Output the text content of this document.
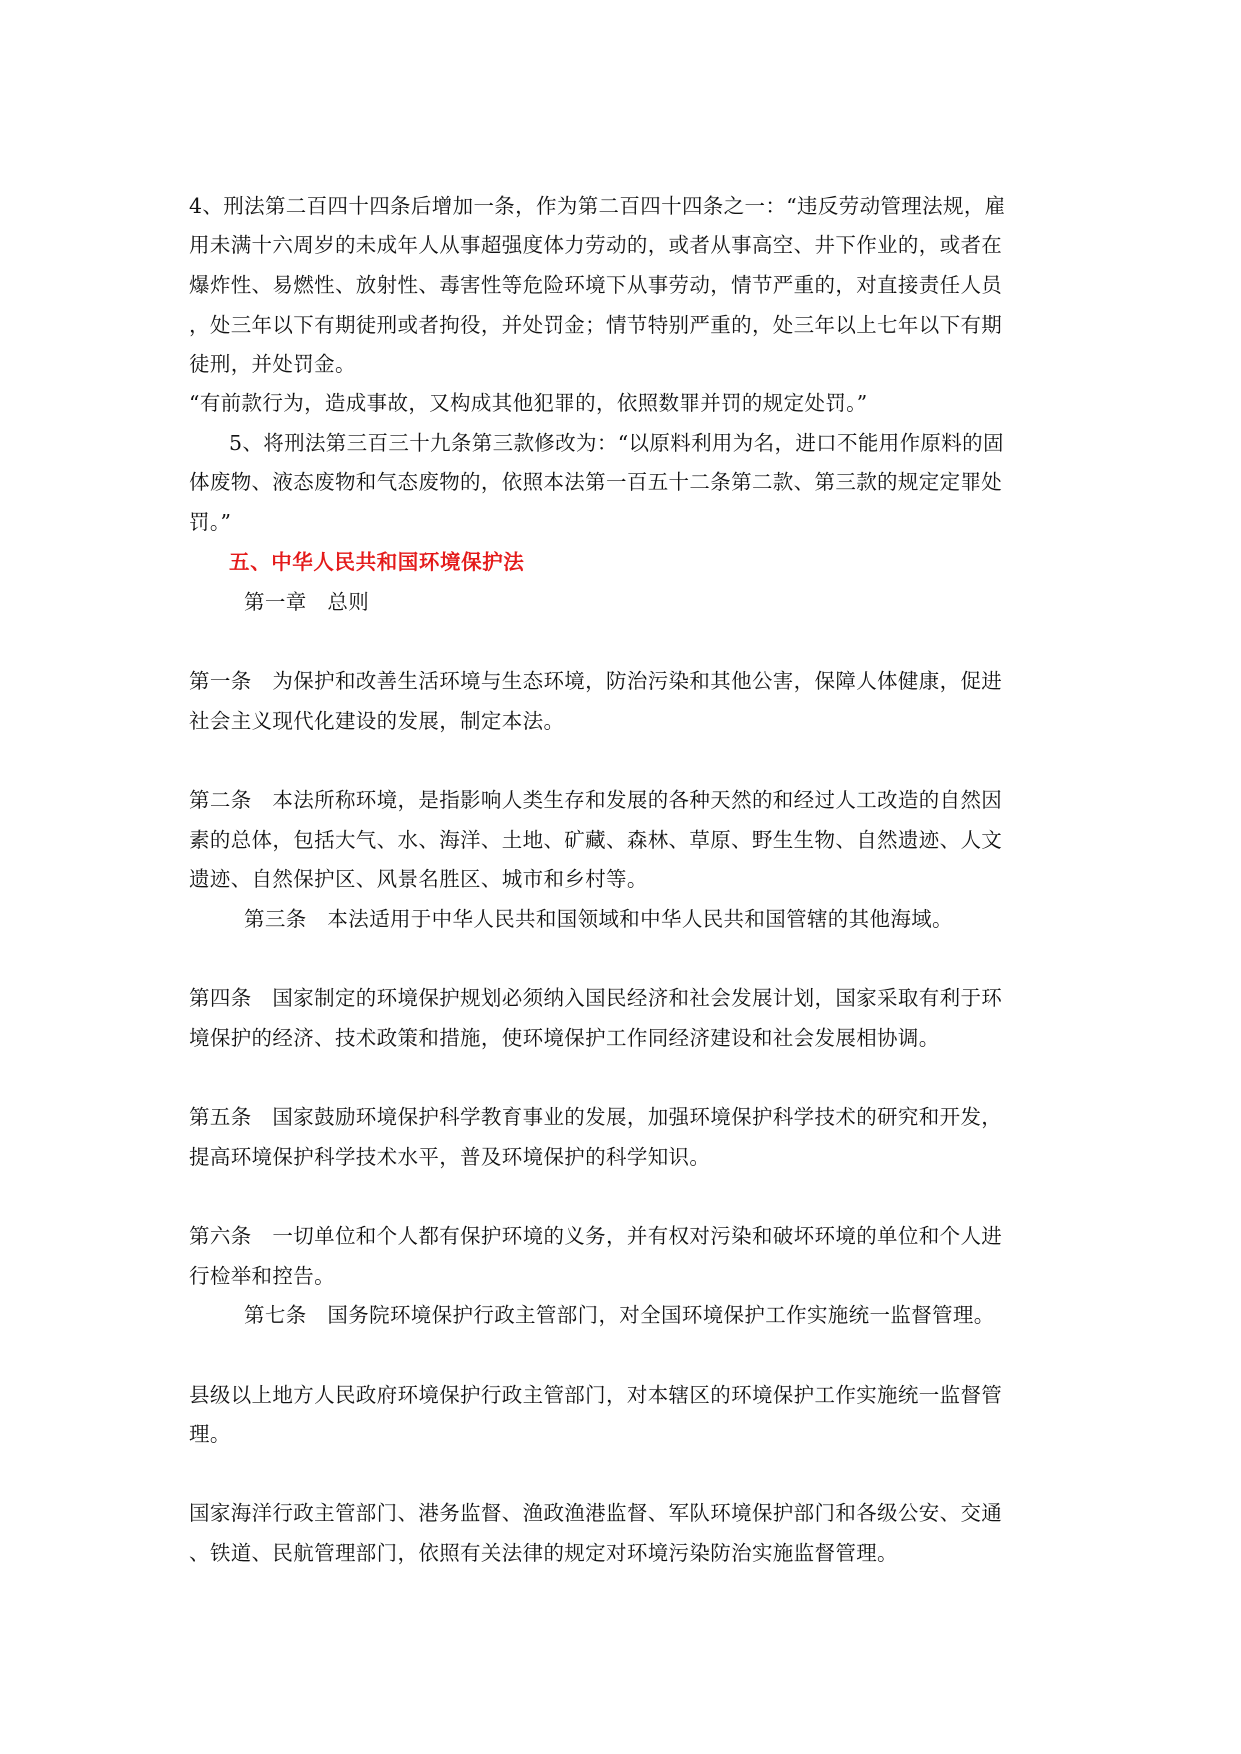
4、刑法第二百四十四条后增加一条，作为第二百四十四条之一：“违反劳动管理法规，雇
用未满十六周岁的未成年人从事超强度体力劳动的，或者从事高空、井下作业的，或者在
爆炸性、易燃性、放射性、毒害性等危险环境下从事劳动，情节严重的，对直接责任人员
，处三年以下有期徒刑或者拘役，并处罚金；情节特别严重的，处三年以上七年以下有期
徒刑，并处罚金。
“有前款行为，造成事故，又构成其他犯罪的，依照数罪并罚的规定处罚。”
5、将刑法第三百三十九条第三款修改为：“以原料利用为名，进口不能用作原料的固
体废物、液态废物和气态废物的，依照本法第一百五十二条第二款、第三款的规定定罪处
罚。”
五、中华人民共和国环境保护法
第一章　总则
第一条　为保护和改善生活环境与生态环境，防治污染和其他公害，保障人体健康，促进
社会主义现代化建设的发展，制定本法。
第二条　本法所称环境，是指影响人类生存和发展的各种天然的和经过人工改造的自然因
素的总体，包括大气、水、海洋、土地、矿藏、森林、草原、野生生物、自然遗迹、人文
遗迹、自然保护区、风景名胜区、城市和乡村等。
第三条　本法适用于中华人民共和国领域和中华人民共和国管辖的其他海域。
第四条　国家制定的环境保护规划必须纳入国民经济和社会发展计划，国家采取有利于环
境保护的经济、技术政策和措施，使环境保护工作同经济建设和社会发展相协调。
第五条　国家鼓励环境保护科学教育事业的发展，加强环境保护科学技术的研究和开发，
提高环境保护科学技术水平，普及环境保护的科学知识。
第六条　一切单位和个人都有保护环境的义务，并有权对污染和破坏环境的单位和个人进
行检举和控告。
第七条　国务院环境保护行政主管部门，对全国环境保护工作实施统一监督管理。
县级以上地方人民政府环境保护行政主管部门，对本辖区的环境保护工作实施统一监督管
理。
国家海洋行政主管部门、港务监督、渔政渔港监督、军队环境保护部门和各级公安、交通
、铁道、民航管理部门，依照有关法律的规定对环境污染防治实施监督管理。
